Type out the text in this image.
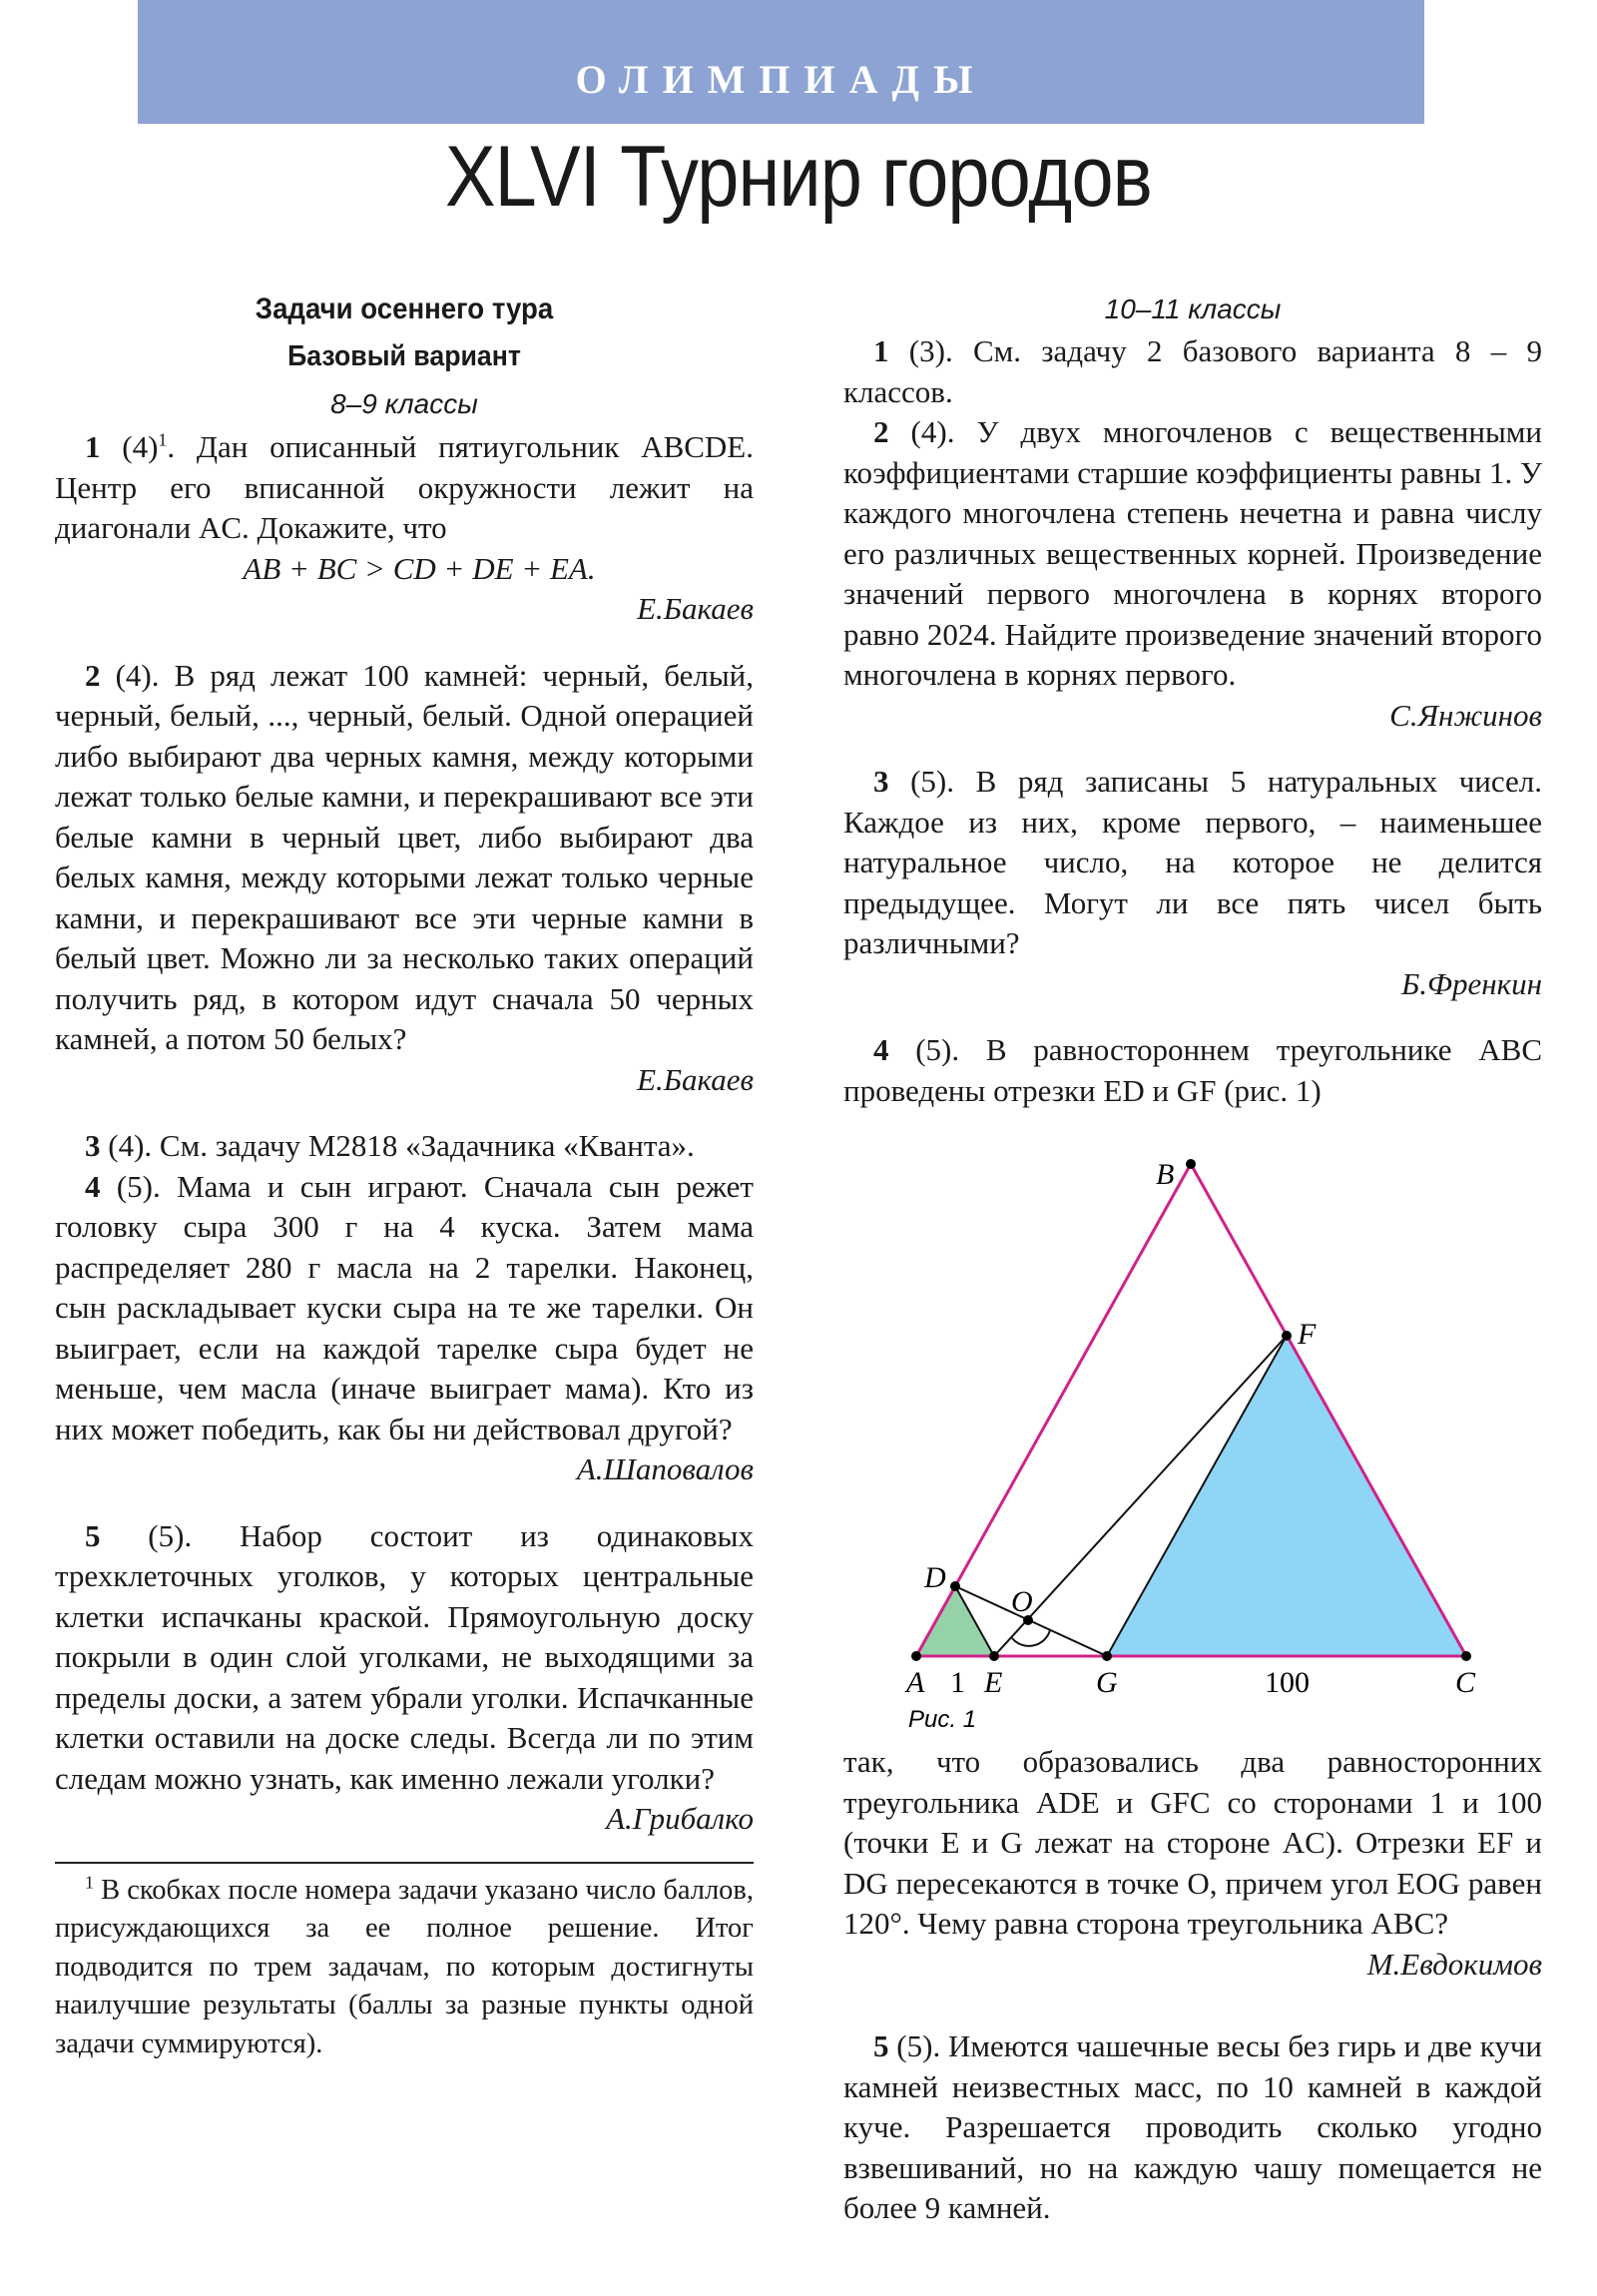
ОЛИМПИАДЫ
XLVI Турнир городов
Задачи осеннего тура
Базовый вариант
8–9 классы

1 $(4)^1$. Дан описанный пятиугольник ABCDE. Центр его вписанной окружности лежит на диагонали AC. Докажите, что

AB + BC > CD + DE + EA.

Е.Бакаев

2 (4). В ряд лежат 100 камней: черный, белый, черный, белый, ..., черный, белый. Одной операцией либо выбирают два черных камня, между которыми лежат только белые камни, и перекрашивают все эти белые камни в черный цвет, либо выбирают два белых камня, между которыми лежат только черные камни, и перекрашивают все эти черные камни в белый цвет. Можно ли за несколько таких операций получить ряд, в котором идут сначала 50 черных камней, а потом 50 белых?

Е.Бакаев

3 (4). См. задачу М2818 «Задачника «Кванта».

4 (5). Мама и сын играют. Сначала сын режет головку сыра 300 г на 4 куска. Затем мама распределяет 280 г масла на 2 тарелки. Наконец, сын раскладывает куски сыра на те же тарелки. Он выиграет, если на каждой тарелке сыра будет не меньше, чем масла (иначе выиграет мама). Кто из них может победить, как бы ни действовал другой?

А.Шаповалов

5 (5). Набор состоит из одинаковых трехклеточных уголков, у которых центральные клетки испачканы краской. Прямоугольную доску покрыли в один слой уголками, не выходящими за пределы доски, а затем убрали уголки. Испачканные клетки оставили на доске следы. Всегда ли по этим следам можно узнать, как именно лежали уголки?

А.Грибалко

$^1$ В скобках после номера задачи указано число баллов, присуждающихся за ее полное решение. Итог подводится по трем задачам, по которым достигнуты наилучшие результаты (баллы за разные пункты одной задачи суммируются).

10–11 классы

1 (3). См. задачу 2 базового варианта 8 – 9 классов.

2 (4). У двух многочленов с вещественными коэффициентами старшие коэффициенты равны 1. У каждого многочлена степень нечетна и равна числу его различных вещественных корней. Произведение значений первого многочлена в корнях второго равно 2024. Найдите произведение значений второго многочлена в корнях первого.

С.Янжинов

3 (5). В ряд записаны 5 натуральных чисел. Каждое из них, кроме первого, – наименьшее натуральное число, на которое не делится предыдущее. Могут ли все пять чисел быть различными?

Б.Френкин

4 (5). В равностороннем треугольнике ABC проведены отрезки ED и GF (рис. 1)

B
F
D
O
A 1 E	G	100	C
Рис. 1

так, что образовались два равносторонних треугольника ADE и GFC со сторонами 1 и 100 (точки E и G лежат на стороне AC). Отрезки EF и DG пересекаются в точке O, причем угол EOG равен 120°. Чему равна сторона треугольника ABC?

М.Евдокимов

5 (5). Имеются чашечные весы без гирь и две кучи камней неизвестных масс, по 10 камней в каждой куче. Разрешается проводить сколько угодно взвешиваний, но на каждую чашу помещается не более 9 камней.
